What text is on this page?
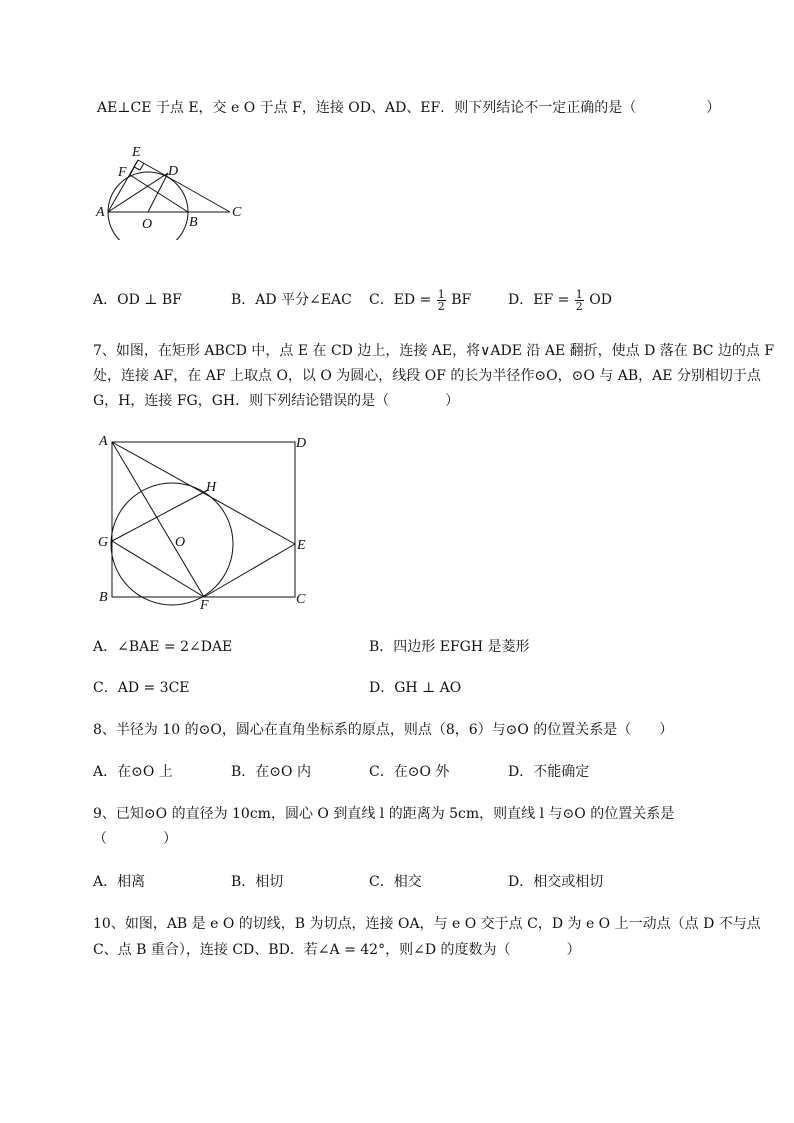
AE⊥CE 于点 E，交 e O 于点 F，连接 OD、AD、EF．则下列结论不一定正确的是（　　　　　）
E
F	D
A
O	B
C
A．OD ⊥ BF	B．AD 平分∠EAC C．ED = $\frac{1}{2}$ BF	D．EF = $\frac{1}{2}$ OD
7、如图，在矩形 ABCD 中，点 E 在 CD 边上，连接 AE，将∨ADE 沿 AE 翻折，使点 D 落在 BC 边的点 F
处，连接 AF，在 AF 上取点 O，以 O 为圆心，线段 OF 的长为半径作⊙O，⊙O 与 AB，AE 分别相切于点
G，H，连接 FG，GH．则下列结论错误的是（　　　　）
A	D
H
G	O	E
B
F	C
A．∠BAE = 2∠DAE	B．四边形 EFGH 是菱形
C．AD = 3CE	D．GH ⊥ AO
8、半径为 10 的⊙O，圆心在直角坐标系的原点，则点（8，6）与⊙O 的位置关系是（　　）
A．在⊙O 上	B．在⊙O 内	C．在⊙O 外	D．不能确定
9、已知⊙O 的直径为 10cm，圆心 O 到直线 l 的距离为 5cm，则直线 l 与⊙O 的位置关系是
（　　　　）
A．相离	B．相切	C．相交	D．相交或相切
10、如图，AB 是 e O 的切线，B 为切点，连接 OA，与 e O 交于点 C，D 为 e O 上一动点（点 D 不与点
C、点 B 重合），连接 CD、BD．若∠A = 42°，则∠D 的度数为（　　　　）
